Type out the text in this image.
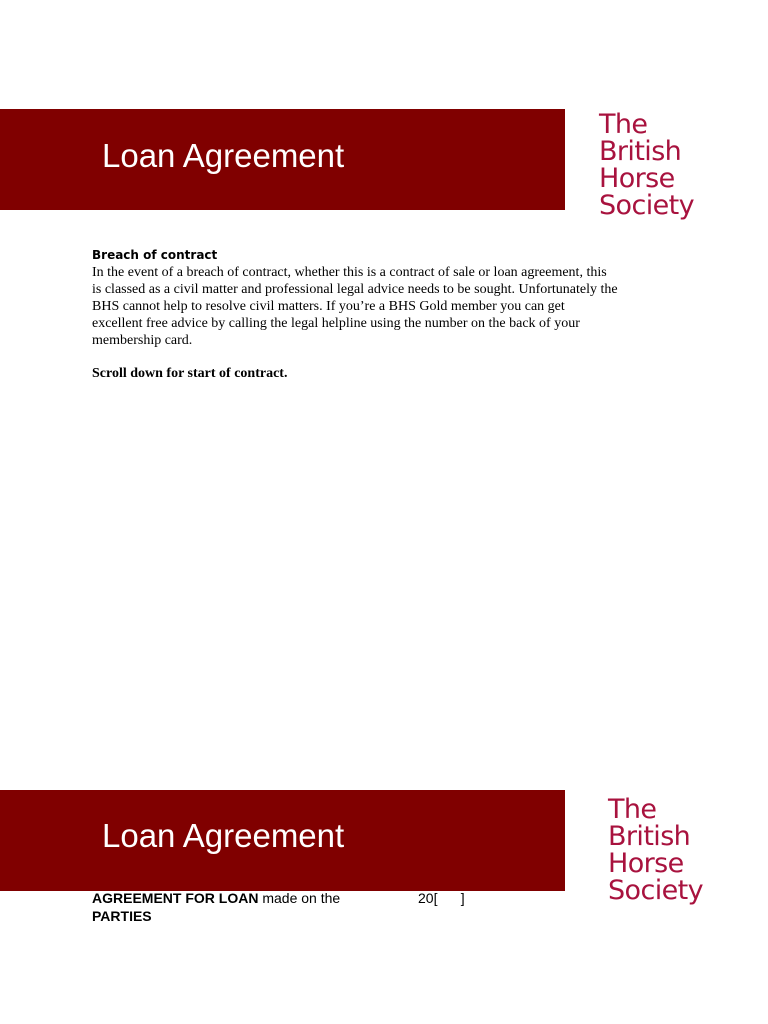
Loan Agreement
The
British
Horse
Society
Breach of contract
In the event of a breach of contract, whether this is a contract of sale or loan agreement, this
is classed as a civil matter and professional legal advice needs to be sought. Unfortunately the
BHS cannot help to resolve civil matters. If you’re a BHS Gold member you can get
excellent free advice by calling the legal helpline using the number on the back of your
membership card.
Scroll down for start of contract.
Loan Agreement
The
British
Horse
Society
AGREEMENT FOR LOAN made on the	20[      ]
PARTIES
